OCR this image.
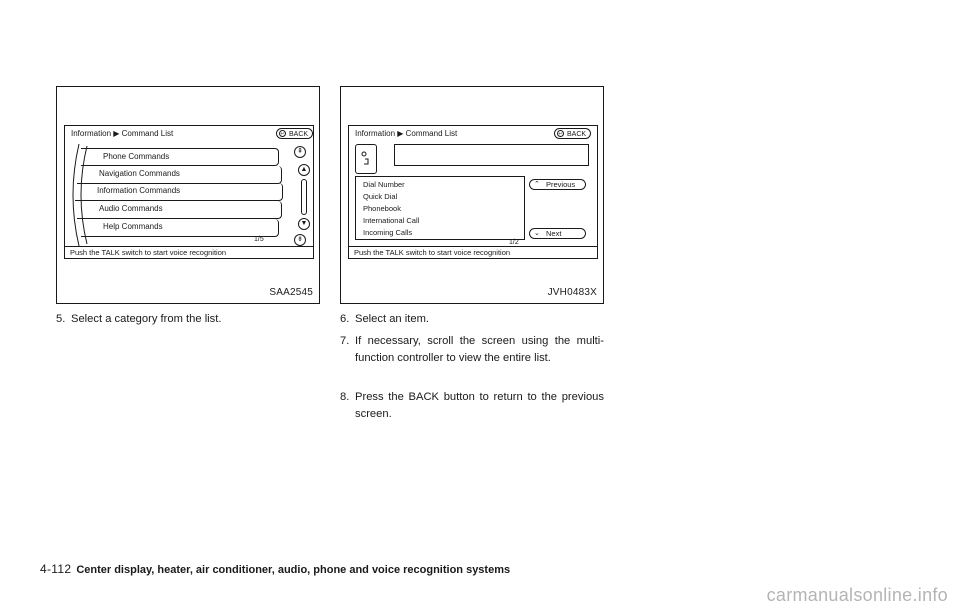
Information ▶ Command List	↩ BACK
Phone Commands
Navigation Commands
Information Commands
Audio Commands
Help Commands
1/5
⇞
▲
▼
⇟
Push the TALK switch to start voice recognition
SAA2545
Information ▶ Command List	↩ BACK
Dial Number
Quick Dial
Phonebook
International Call
Incoming Calls
1/2
⌃ Previous
⌄ Next
Push the TALK switch to start voice recognition
JVH0483X
5. Select a category from the list.	6. Select an item.
7. If necessary, scroll the screen using the multi-function controller to view the entire list.
8. Press the BACK button to return to the previous screen.
4-112 Center display, heater, air conditioner, audio, phone and voice recognition systems
carmanualsonline.info
